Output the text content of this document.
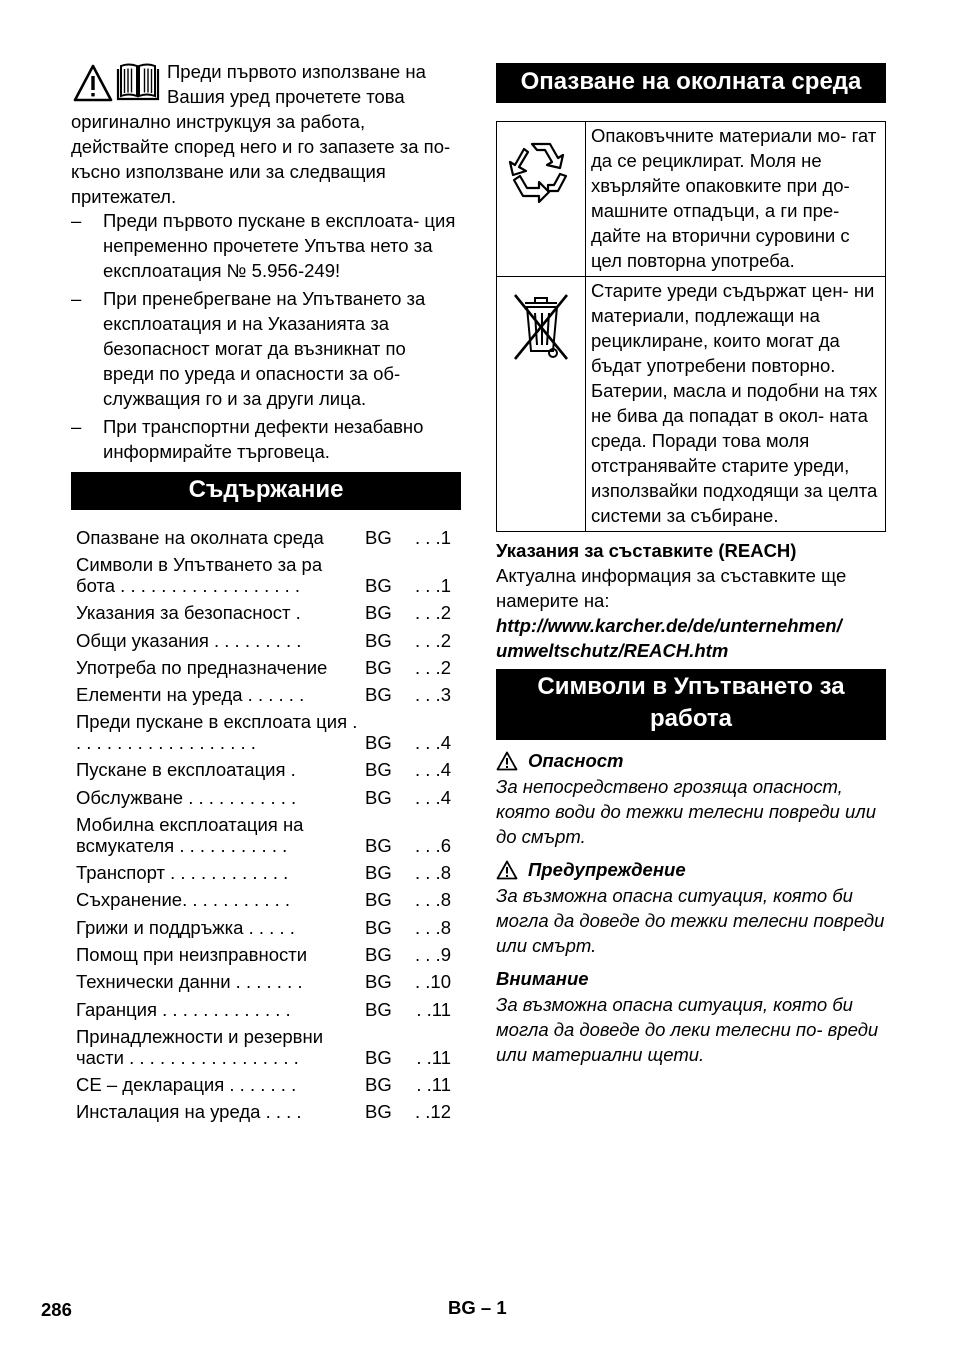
Преди първото използване на Вашия уред прочетете това оригинално инструкцуя за работа, действайте според него и го запазете за по-късно използване или за следващия притежател.

– Преди първото пускане в експлоата- ция непременно прочетете Упътва нето за експлоатация № 5.956-249!
– При пренебрегване на Упътването за експлоатация и на Указанията за безопасност могат да възникнат по вреди по уреда и опасности за об- служващия го и за други лица.
– При транспортни дефекти незабавно информирайте търговеца.
Съдържание
Опазване на околната среда	BG . . .1
Символи в Упътването за ра бота . . . . . . . . . . . . . . . . . .	BG . . .1
Указания за безопасност .	BG . . .2
Общи указания . . . . . . . . .	BG . . .2
Употреба по предназначение	BG . . .2
Елементи на уреда . . . . . .	BG . . .3
Преди пускане в експлоата ция . . . . . . . . . . . . . . . . . . .	BG . . .4
Пускане в експлоатация .	BG . . .4
Обслужване . . . . . . . . . . .	BG . . .4
Мобилна експлоатация на всмукателя . . . . . . . . . . .	BG . . .6
Транспорт . . . . . . . . . . . .	BG . . .8
Съхранение. . . . . . . . . . .	BG . . .8
Грижи и поддръжка . . . . .	BG . . .8
Помощ при неизправности	BG . . .9
Технически данни . . . . . . .	BG . .10
Гаранция . . . . . . . . . . . . .	BG . .11
Принадлежности и резервни части . . . . . . . . . . . . . . . . .	BG . .11
СЕ – декларация . . . . . . .	BG . .11
Инсталация на уреда . . . .	BG . .12
Опазване на околната среда
Опаковъчните материали мо- гат да се рециклират. Моля не хвърляйте опаковките при до- машните отпадъци, а ги пре- дайте на вторични суровини с цел повторна употреба.
Старите уреди съдържат цен- ни материали, подлежащи на рециклиране, които могат да бъдат употребени повторно. Батерии, масла и подобни на тях не бива да попадат в окол- ната среда. Поради това моля отстранявайте старите уреди, използвайки подходящи за целта системи за събиране.
Указания за съставките (REACH)
Актуална информация за съставките ще намерите на:
http://www.karcher.de/de/unternehmen/
umweltschutz/REACH.htm
Символи в Упътването за работа
Опасност
За непосредствено грозяща опасност, която води до тежки телесни повреди или до смърт.
Предупреждение
За възможна опасна ситуация, която би могла да доведе до тежки телесни повреди или смърт.
Внимание
За възможна опасна ситуация, която би могла да доведе до леки телесни по- вреди или материални щети.
286	BG – 1
